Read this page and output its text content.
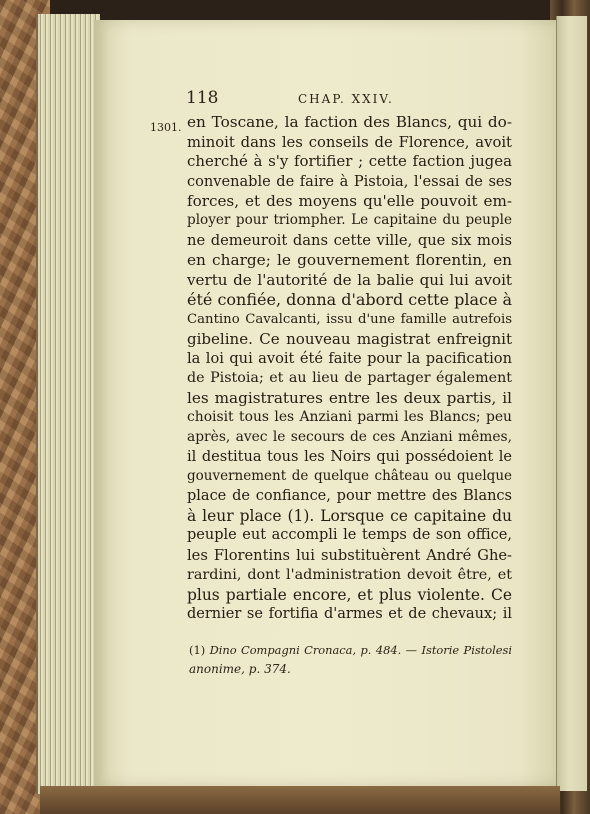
118	CHAP. XXIV.
1301. en Toscane, la faction des Blancs, qui do-
minoit dans les conseils de Florence, avoit
cherché à s'y fortifier ; cette faction jugea
convenable de faire à Pistoia, l'essai de ses
forces, et des moyens qu'elle pouvoit em-
ployer pour triompher. Le capitaine du peuple
ne demeuroit dans cette ville, que six mois
en charge; le gouvernement florentin, en
vertu de l'autorité de la balie qui lui avoit
été confiée, donna d'abord cette place à
Cantino Cavalcanti, issu d'une famille autrefois
gibeline. Ce nouveau magistrat enfreignit
la loi qui avoit été faite pour la pacification
de Pistoia; et au lieu de partager également
les magistratures entre les deux partis, il
choisit tous les Anziani parmi les Blancs; peu
après, avec le secours de ces Anziani mêmes,
il destitua tous les Noirs qui possédoient le
gouvernement de quelque château ou quelque
place de confiance, pour mettre des Blancs
à leur place (1). Lorsque ce capitaine du
peuple eut accompli le temps de son office,
les Florentins lui substituèrent André Ghe-
rardini, dont l'administration devoit être, et
plus partiale encore, et plus violente. Ce
dernier se fortifia d'armes et de chevaux; il
(1) Dino Compagni Cronaca, p. 484. — Istorie Pistolesi
anonime, p. 374.
